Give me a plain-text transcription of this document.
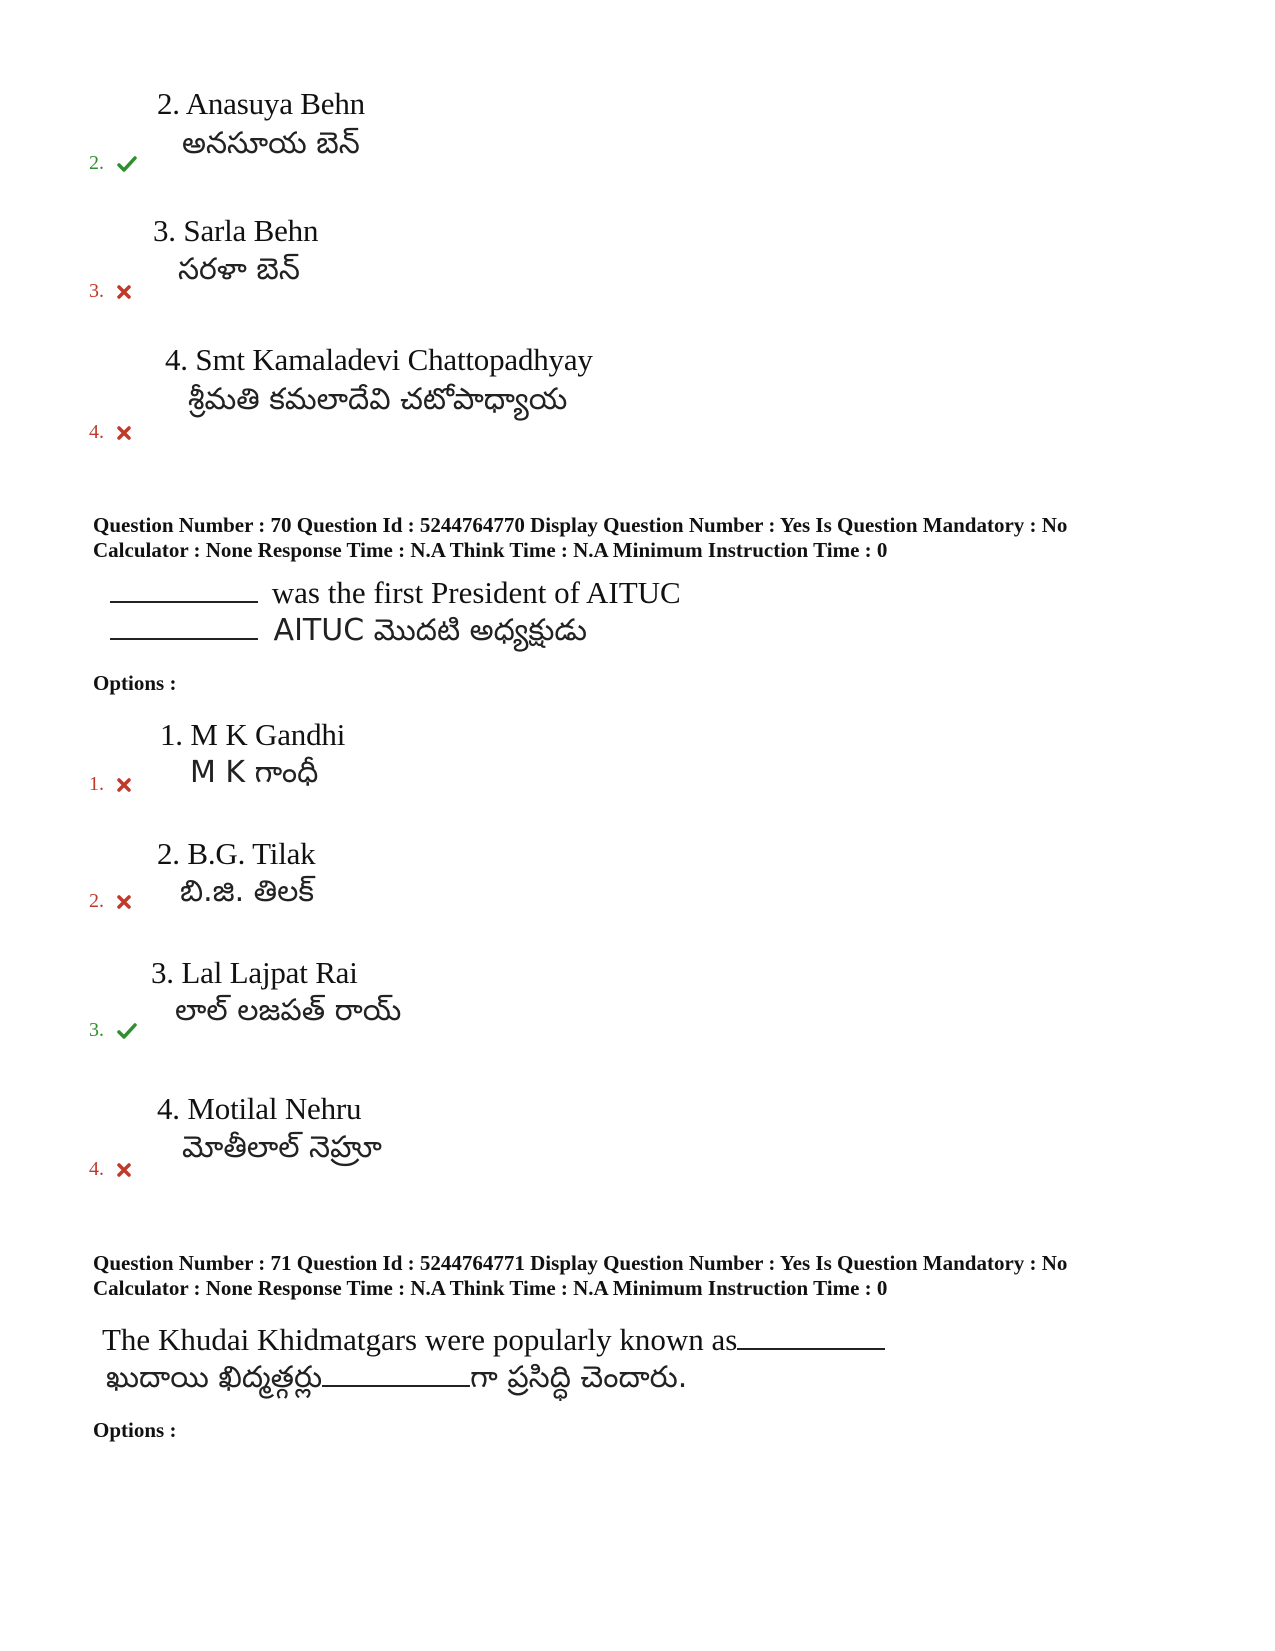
2. Anasuya Behn
అనసూయ బెన్
2.
3. Sarla Behn
సరళా బెన్
3.
4. Smt Kamaladevi Chattopadhyay
శ్రీమతి కమలాదేవి చటోపాధ్యాయ
4.
Question Number : 70 Question Id : 5244764770 Display Question Number : Yes Is Question Mandatory : No
Calculator : None Response Time : N.A Think Time : N.A Minimum Instruction Time : 0
was the first President of AITUC
AITUC మొదటి అధ్యక్షుడు
Options :
1. M K Gandhi
M K గాంధీ
1.
2. B.G. Tilak
బి.జి. తిలక్
2.
3. Lal Lajpat Rai
లాల్ లజపత్ రాయ్
3.
4. Motilal Nehru
మోతీలాల్ నెహ్రూ
4.
Question Number : 71 Question Id : 5244764771 Display Question Number : Yes Is Question Mandatory : No
Calculator : None Response Time : N.A Think Time : N.A Minimum Instruction Time : 0
The Khudai Khidmatgars were popularly known as
ఖుదాయి ఖిద్మత్గర్లు	గా ప్రసిద్ధి చెందారు.
Options :
